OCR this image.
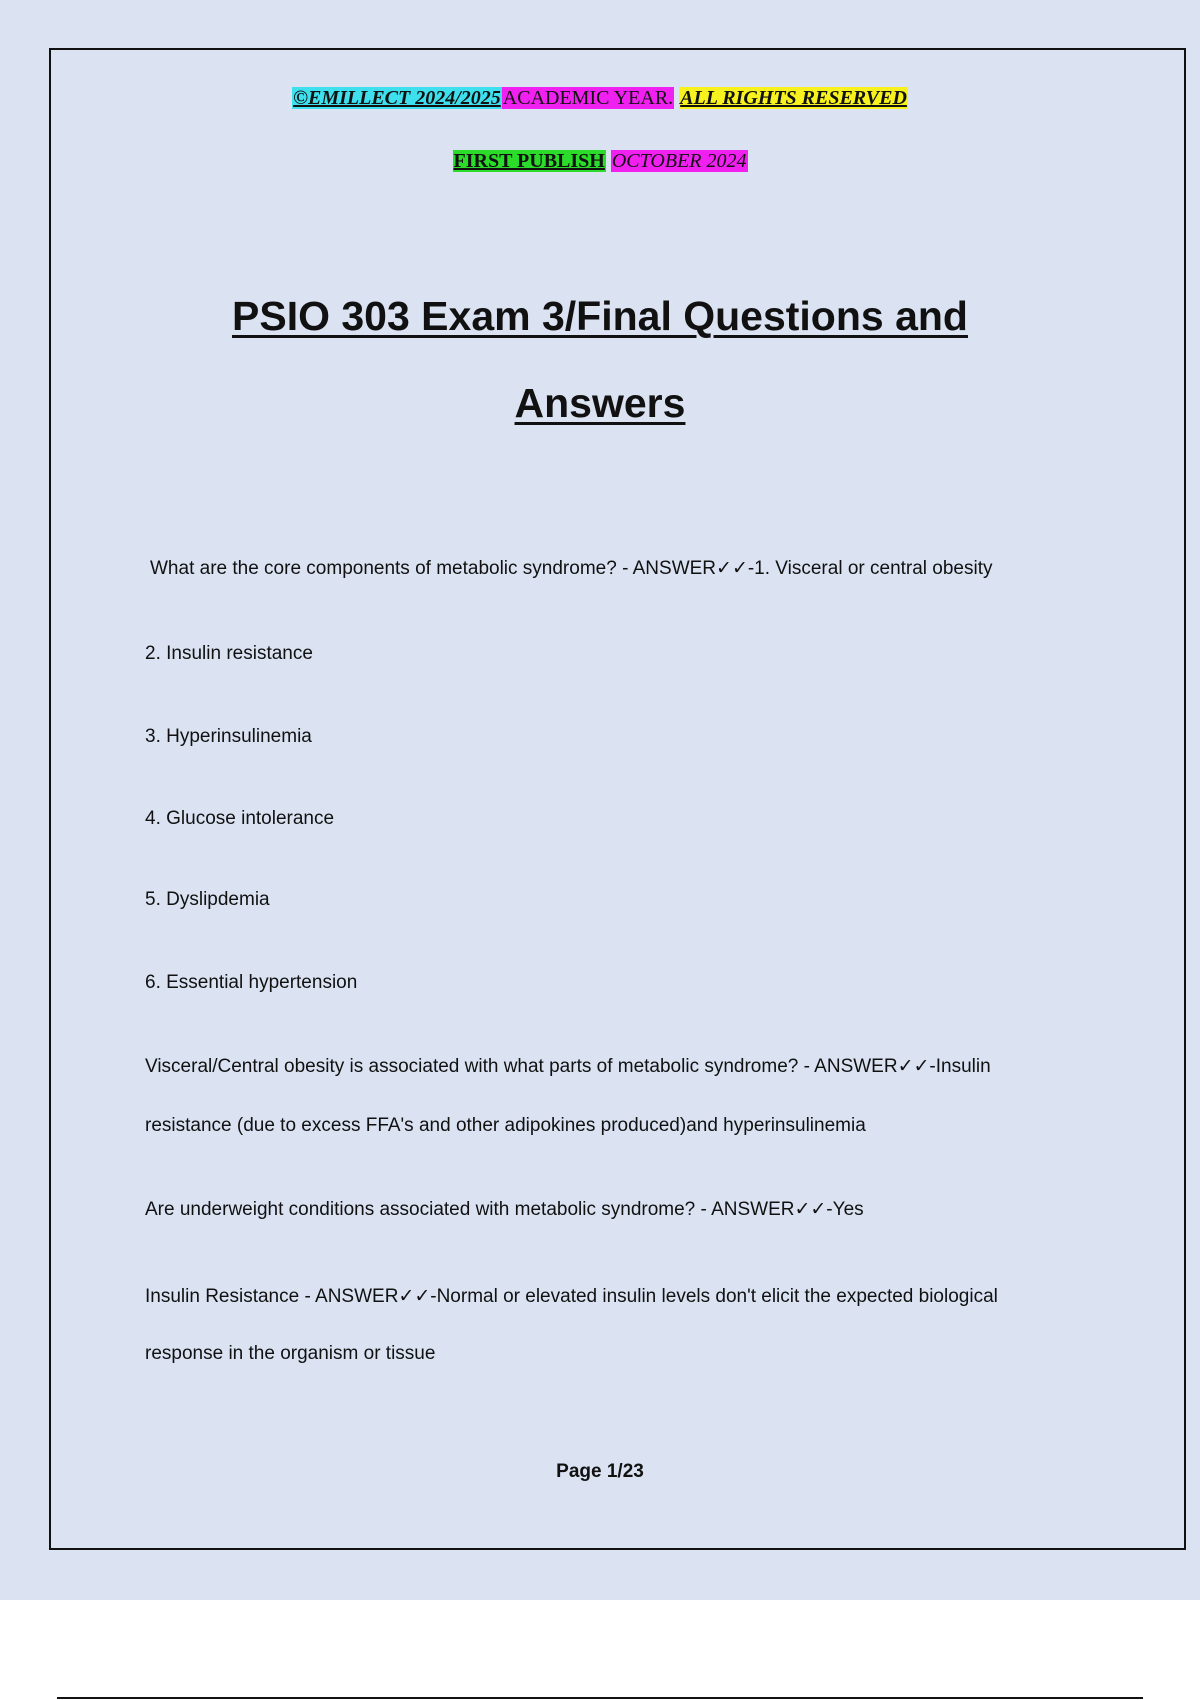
©EMILLECT 2024/2025 ACADEMIC YEAR. ALL RIGHTS RESERVED
FIRST PUBLISH OCTOBER 2024
PSIO 303 Exam 3/Final Questions and
Answers
What are the core components of metabolic syndrome? - ANSWER✓✓-1. Visceral or central obesity
2. Insulin resistance
3. Hyperinsulinemia
4. Glucose intolerance
5. Dyslipdemia
6. Essential hypertension
Visceral/Central obesity is associated with what parts of metabolic syndrome? - ANSWER✓✓-Insulin
resistance (due to excess FFA's and other adipokines produced)and hyperinsulinemia
Are underweight conditions associated with metabolic syndrome? - ANSWER✓✓-Yes
Insulin Resistance - ANSWER✓✓-Normal or elevated insulin levels don't elicit the expected biological
response in the organism or tissue
Page 1/23
